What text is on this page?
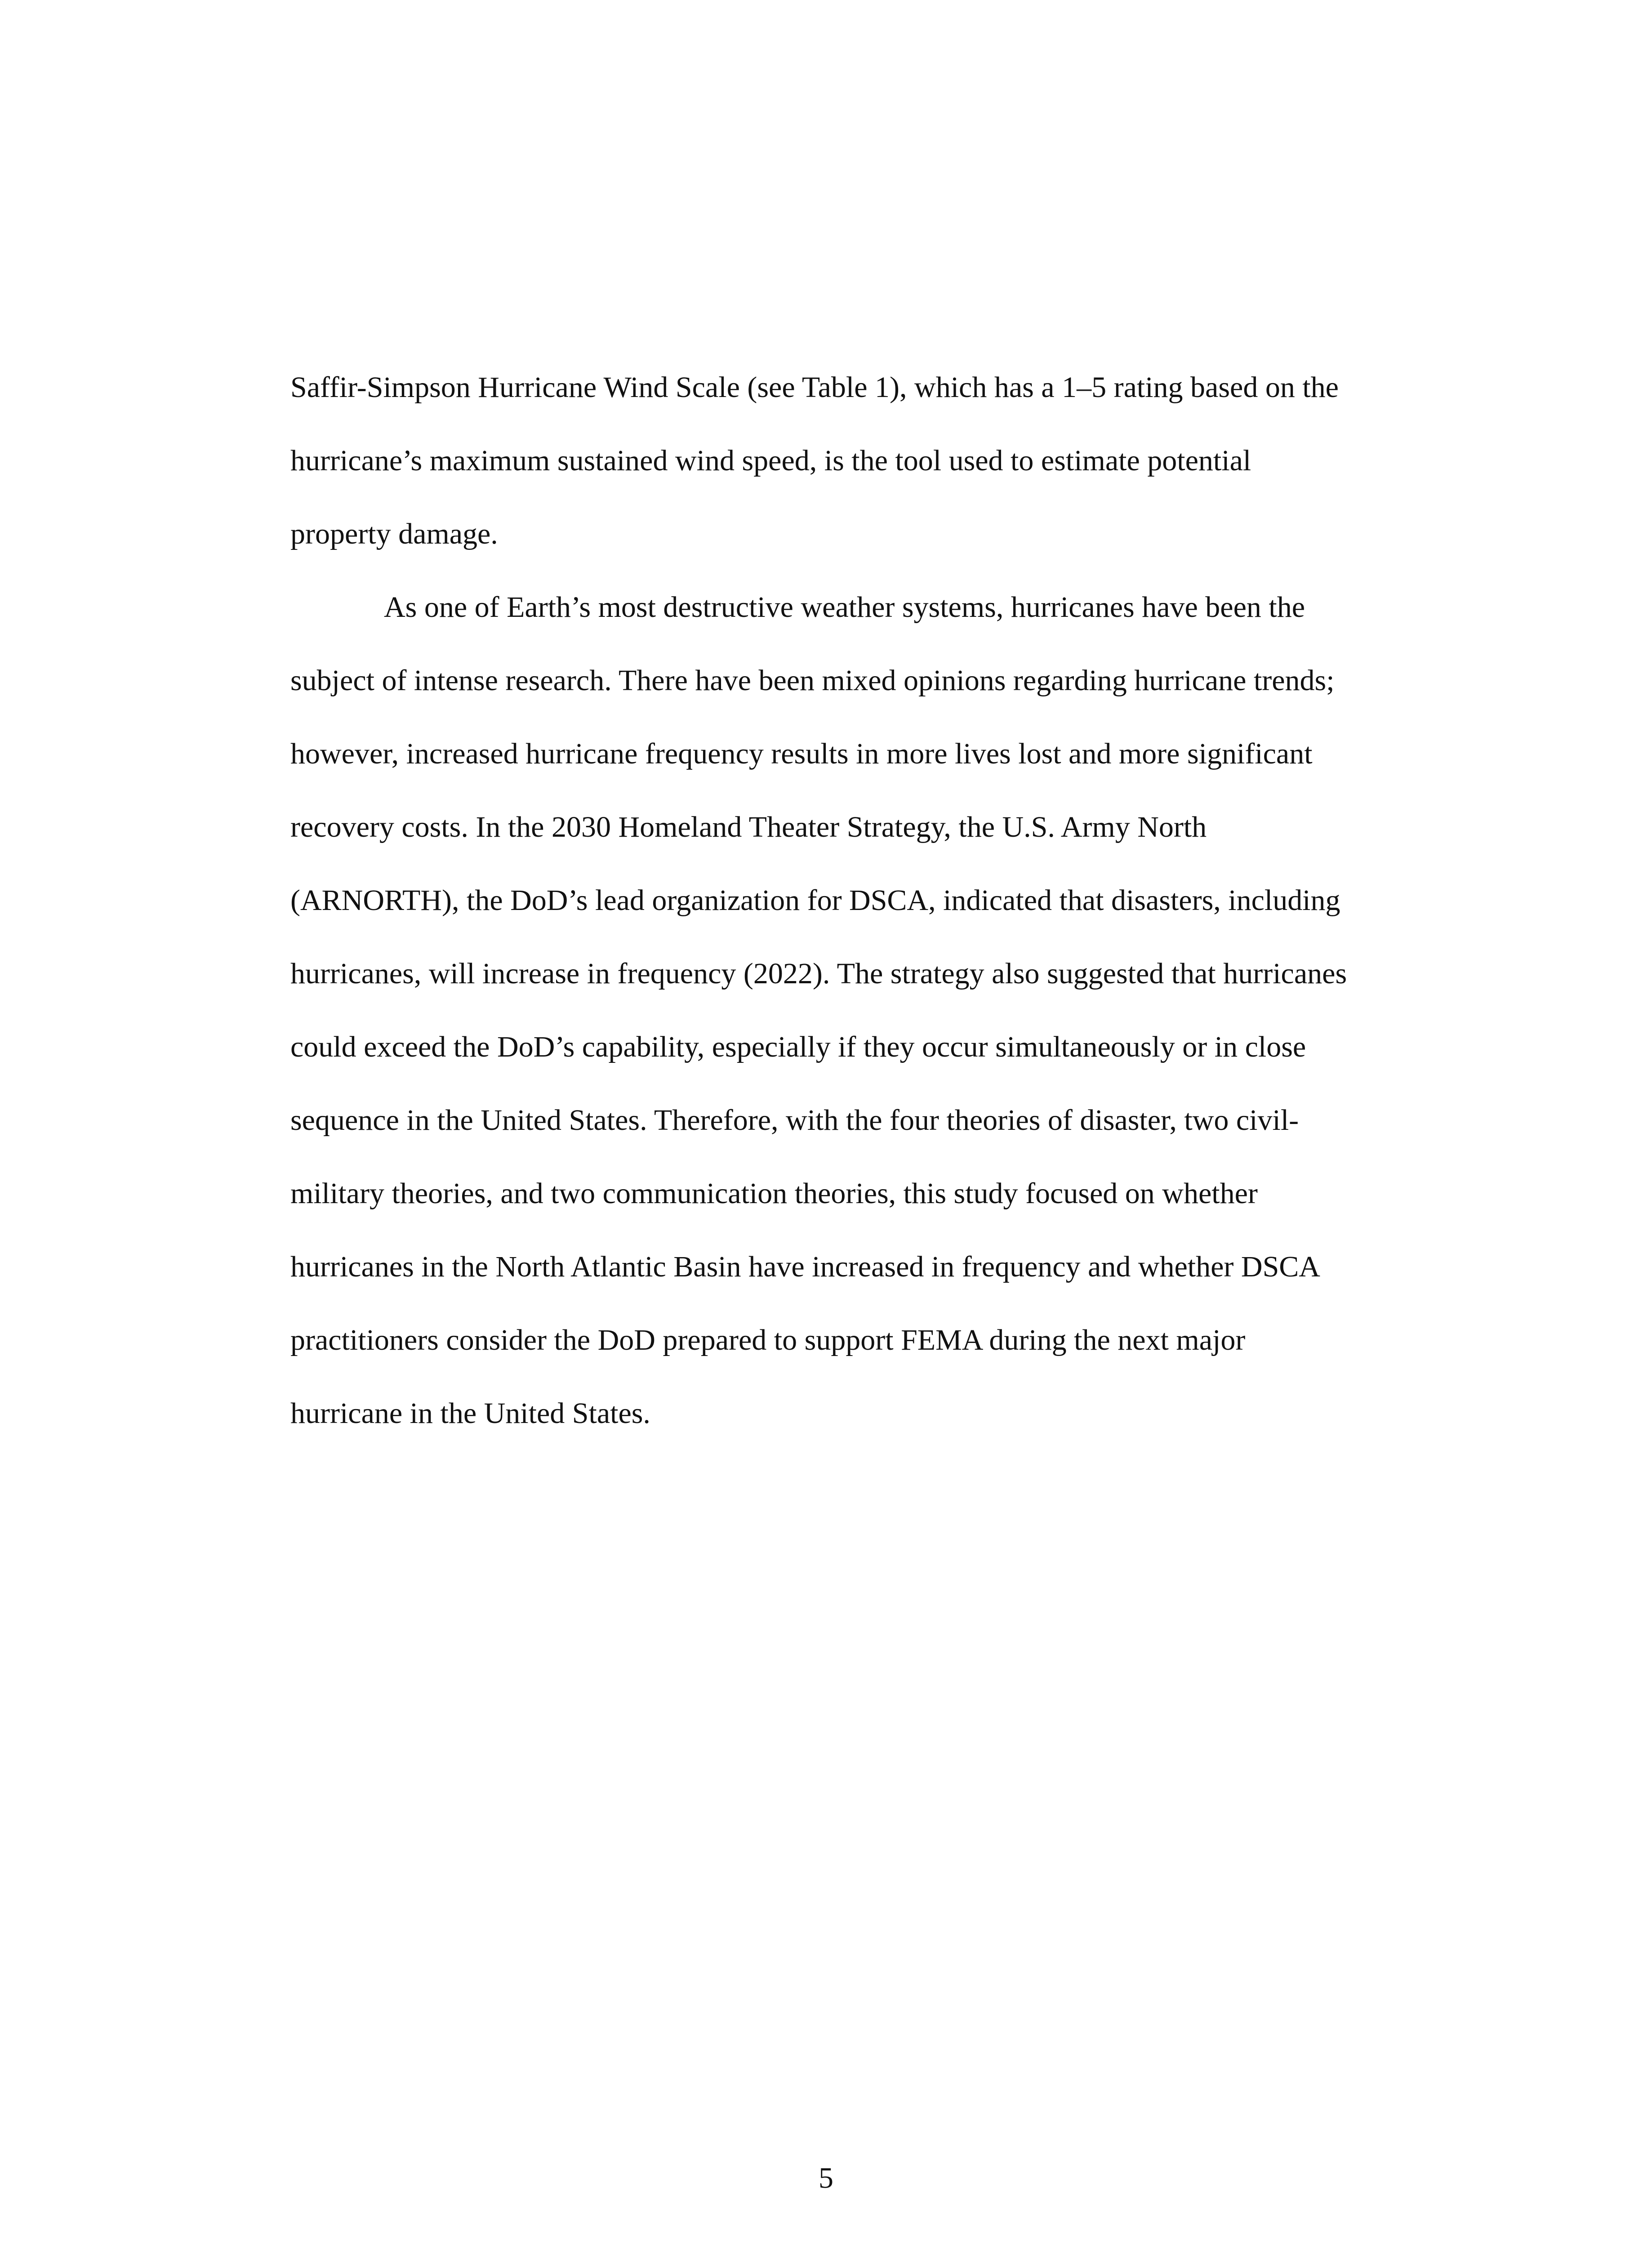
Saffir-Simpson Hurricane Wind Scale (see Table 1), which has a 1–5 rating based on the
hurricane’s maximum sustained wind speed, is the tool used to estimate potential
property damage.
As one of Earth’s most destructive weather systems, hurricanes have been the
subject of intense research. There have been mixed opinions regarding hurricane trends;
however, increased hurricane frequency results in more lives lost and more significant
recovery costs. In the 2030 Homeland Theater Strategy, the U.S. Army North
(ARNORTH), the DoD’s lead organization for DSCA, indicated that disasters, including
hurricanes, will increase in frequency (2022). The strategy also suggested that hurricanes
could exceed the DoD’s capability, especially if they occur simultaneously or in close
sequence in the United States. Therefore, with the four theories of disaster, two civil-
military theories, and two communication theories, this study focused on whether
hurricanes in the North Atlantic Basin have increased in frequency and whether DSCA
practitioners consider the DoD prepared to support FEMA during the next major
hurricane in the United States.
5
